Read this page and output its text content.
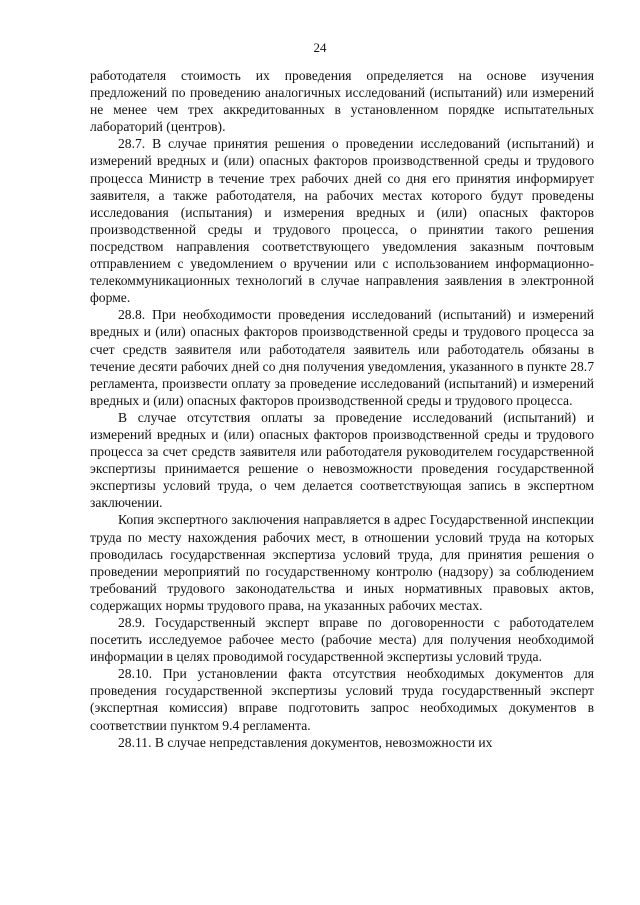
24

работодателя стоимость их проведения определяется на основе изучения предложений по проведению аналогичных исследований (испытаний) или измерений не менее чем трех аккредитованных в установленном порядке испытательных лабораторий (центров).

28.7. В случае принятия решения о проведении исследований (испытаний) и измерений вредных и (или) опасных факторов производственной среды и трудового процесса Министр в течение трех рабочих дней со дня его принятия информирует заявителя, а также работодателя, на рабочих местах которого будут проведены исследования (испытания) и измерения вредных и (или) опасных факторов производственной среды и трудового процесса, о принятии такого решения посредством направления соответствующего уведомления заказным почтовым отправлением с уведомлением о вручении или с использованием информационно-телекоммуникационных технологий в случае направления заявления в электронной форме.

28.8. При необходимости проведения исследований (испытаний) и измерений вредных и (или) опасных факторов производственной среды и трудового процесса за счет средств заявителя или работодателя заявитель или работодатель обязаны в течение десяти рабочих дней со дня получения уведомления, указанного в пункте 28.7 регламента, произвести оплату за проведение исследований (испытаний) и измерений вредных и (или) опасных факторов производственной среды и трудового процесса.

В случае отсутствия оплаты за проведение исследований (испытаний) и измерений вредных и (или) опасных факторов производственной среды и трудового процесса за счет средств заявителя или работодателя руководителем государственной экспертизы принимается решение о невозможности проведения государственной экспертизы условий труда, о чем делается соответствующая запись в экспертном заключении.

Копия экспертного заключения направляется в адрес Государственной инспекции труда по месту нахождения рабочих мест, в отношении условий труда на которых проводилась государственная экспертиза условий труда, для принятия решения о проведении мероприятий по государственному контролю (надзору) за соблюдением требований трудового законодательства и иных нормативных правовых актов, содержащих нормы трудового права, на указанных рабочих местах.

28.9. Государственный эксперт вправе по договоренности с работодателем посетить исследуемое рабочее место (рабочие места) для получения необходимой информации в целях проводимой государственной экспертизы условий труда.

28.10. При установлении факта отсутствия необходимых документов для проведения государственной экспертизы условий труда государственный эксперт (экспертная комиссия) вправе подготовить запрос необходимых документов в соответствии пунктом 9.4 регламента.

28.11. В случае непредставления документов, невозможности их
